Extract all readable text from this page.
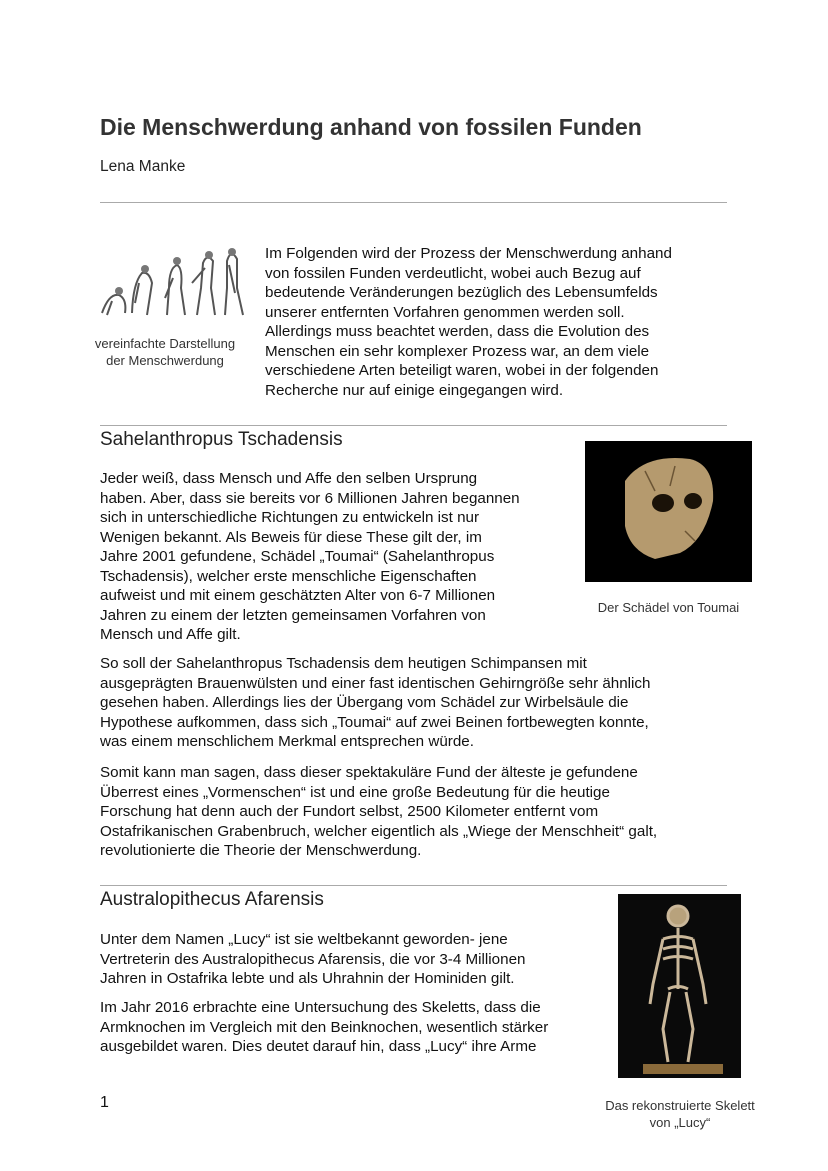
Die Menschwerdung anhand von fossilen Funden
Lena Manke
vereinfachte Darstellung
der Menschwerdung
Im Folgenden wird der Prozess der Menschwerdung anhand
von fossilen Funden verdeutlicht, wobei auch Bezug auf
bedeutende Veränderungen bezüglich des Lebensumfelds
unserer entfernten Vorfahren genommen werden soll.
Allerdings muss beachtet werden, dass die Evolution des
Menschen ein sehr komplexer Prozess war, an dem viele
verschiedene Arten beteiligt waren, wobei in der folgenden
Recherche nur auf einige eingegangen wird.
Sahelanthropus Tschadensis
Der Schädel von Toumai
Jeder weiß, dass Mensch und Affe den selben Ursprung
haben. Aber, dass sie bereits vor 6 Millionen Jahren begannen
sich in unterschiedliche Richtungen zu entwickeln ist nur
Wenigen bekannt. Als Beweis für diese These gilt der, im
Jahre 2001 gefundene, Schädel „Toumai“ (Sahelanthropus
Tschadensis), welcher erste menschliche Eigenschaften
aufweist und mit einem geschätzten Alter von 6-7 Millionen
Jahren zu einem der letzten gemeinsamen Vorfahren von
Mensch und Affe gilt.
So soll der Sahelanthropus Tschadensis dem heutigen Schimpansen mit
ausgeprägten Brauenwülsten und einer fast identischen Gehirngröße sehr ähnlich
gesehen haben. Allerdings lies der Übergang vom Schädel zur Wirbelsäule die
Hypothese aufkommen, dass sich „Toumai“ auf zwei Beinen fortbewegten konnte,
was einem menschlichem Merkmal entsprechen würde.
Somit kann man sagen, dass dieser spektakuläre Fund der älteste je gefundene
Überrest eines „Vormenschen“ ist und eine große Bedeutung für die heutige
Forschung hat denn auch der Fundort selbst, 2500 Kilometer entfernt vom
Ostafrikanischen Grabenbruch, welcher eigentlich als „Wiege der Menschheit“ galt,
revolutionierte die Theorie der Menschwerdung.
Australopithecus Afarensis
Das rekonstruierte Skelett
von „Lucy“
Unter dem Namen „Lucy“ ist sie weltbekannt geworden- jene
Vertreterin des Australopithecus Afarensis, die vor 3-4 Millionen
Jahren in Ostafrika lebte und als Uhrahnin der Hominiden gilt.
Im Jahr 2016 erbrachte eine Untersuchung des Skeletts, dass die
Armknochen im Vergleich mit den Beinknochen, wesentlich stärker
ausgebildet waren. Dies deutet darauf hin, dass „Lucy“ ihre Arme
1
